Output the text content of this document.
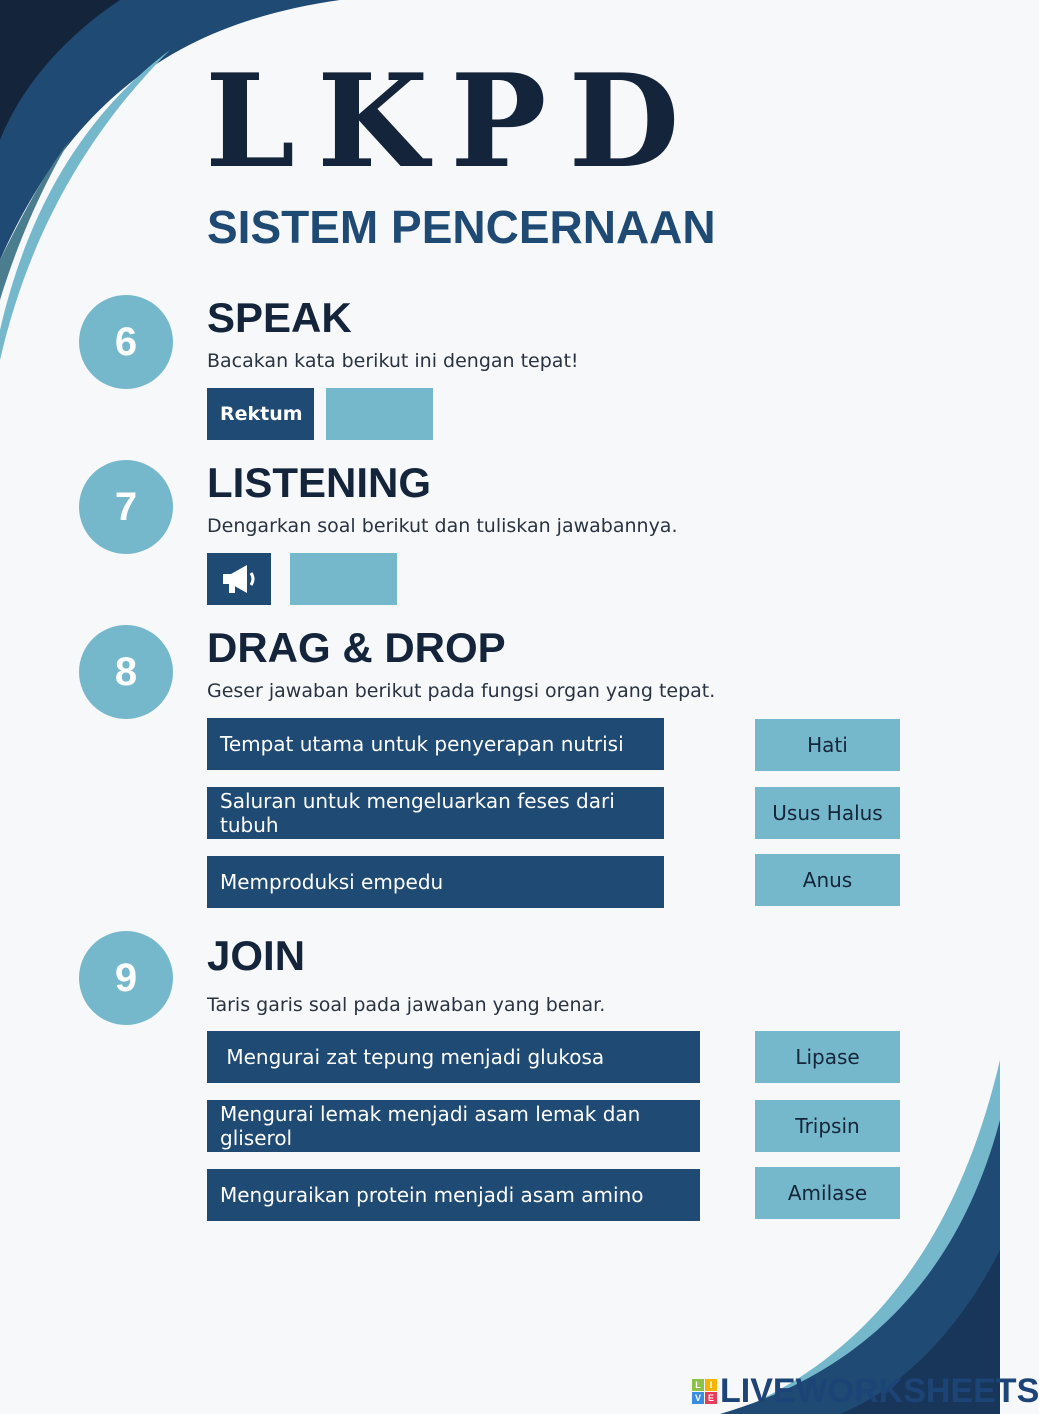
LKPD
SISTEM PENCERNAAN
6
SPEAK
Bacakan kata berikut ini dengan tepat!
Rektum
7
LISTENING
Dengarkan soal berikut dan tuliskan jawabannya.
8
DRAG & DROP
Geser jawaban berikut pada fungsi organ yang tepat.
Tempat utama untuk penyerapan nutrisi
Saluran untuk mengeluarkan feses dari tubuh
Memproduksi empedu
Hati
Usus Halus
Anus
9	JOIN
Taris garis soal pada jawaban yang benar.
Mengurai zat tepung menjadi glukosa
Mengurai lemak menjadi asam lemak dan gliserol
Menguraikan protein menjadi asam amino
Lipase
Tripsin
Amilase
L I
V E LIVEWORKSHEETS
